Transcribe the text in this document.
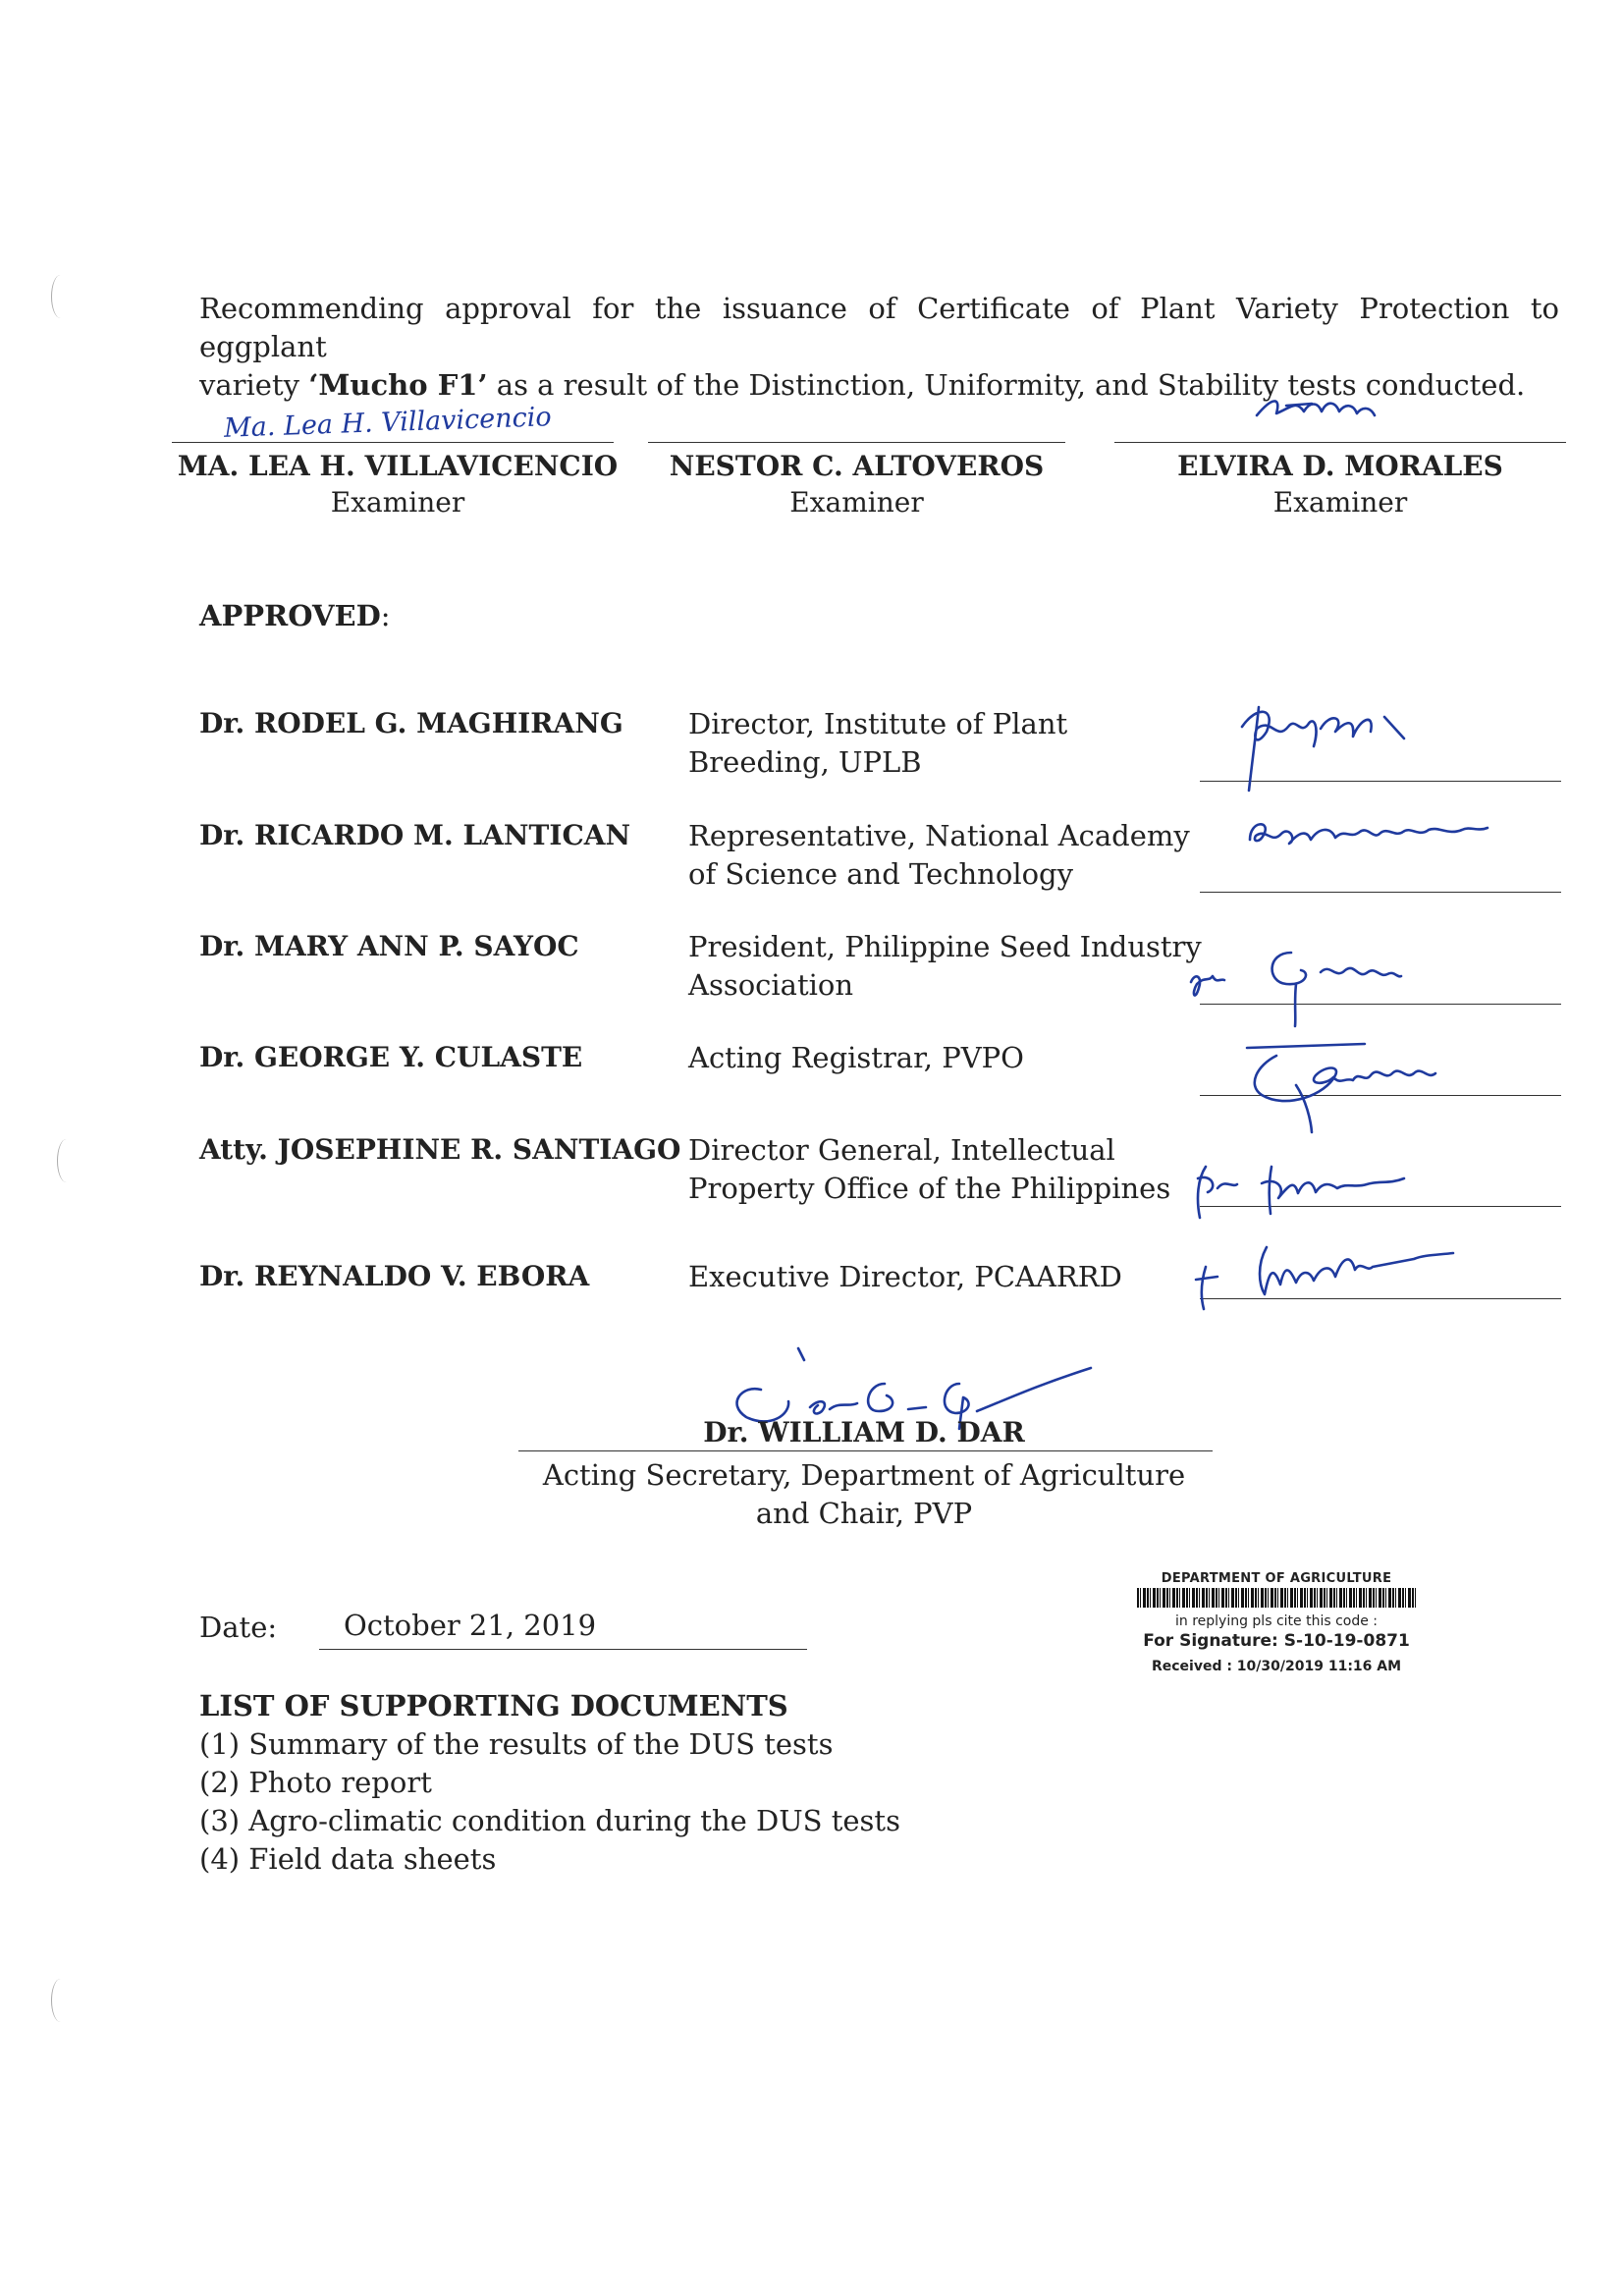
Recommending approval for the issuance of Certificate of Plant Variety Protection to eggplant
variety ‘Mucho F1’ as a result of the Distinction, Uniformity, and Stability tests conducted.
Ma. Lea H. Villavicencio
MA. LEA H. VILLAVICENCIO
Examiner
NESTOR C. ALTOVEROS
Examiner
ELVIRA D. MORALES
Examiner
APPROVED:
Dr. RODEL G. MAGHIRANG Director, Institute of Plant
Breeding, UPLB
Dr. RICARDO M. LANTICAN Representative, National Academy
of Science and Technology
Dr. MARY ANN P. SAYOC	President, Philippine Seed Industry
Association
Dr. GEORGE Y. CULASTE	Acting Registrar, PVPO
Atty. JOSEPHINE R. SANTIAGO Director General, Intellectual
Property Office of the Philippines
Dr. REYNALDO V. EBORA	Executive Director, PCAARRD
Dr. WILLIAM D. DAR
Acting Secretary, Department of Agriculture
and Chair, PVP
Date: October 21, 2019
DEPARTMENT OF AGRICULTURE
in replying pls cite this code :
For Signature: S-10-19-0871
Received : 10/30/2019 11:16 AM
LIST OF SUPPORTING DOCUMENTS
(1) Summary of the results of the DUS tests
(2) Photo report
(3) Agro-climatic condition during the DUS tests
(4) Field data sheets
